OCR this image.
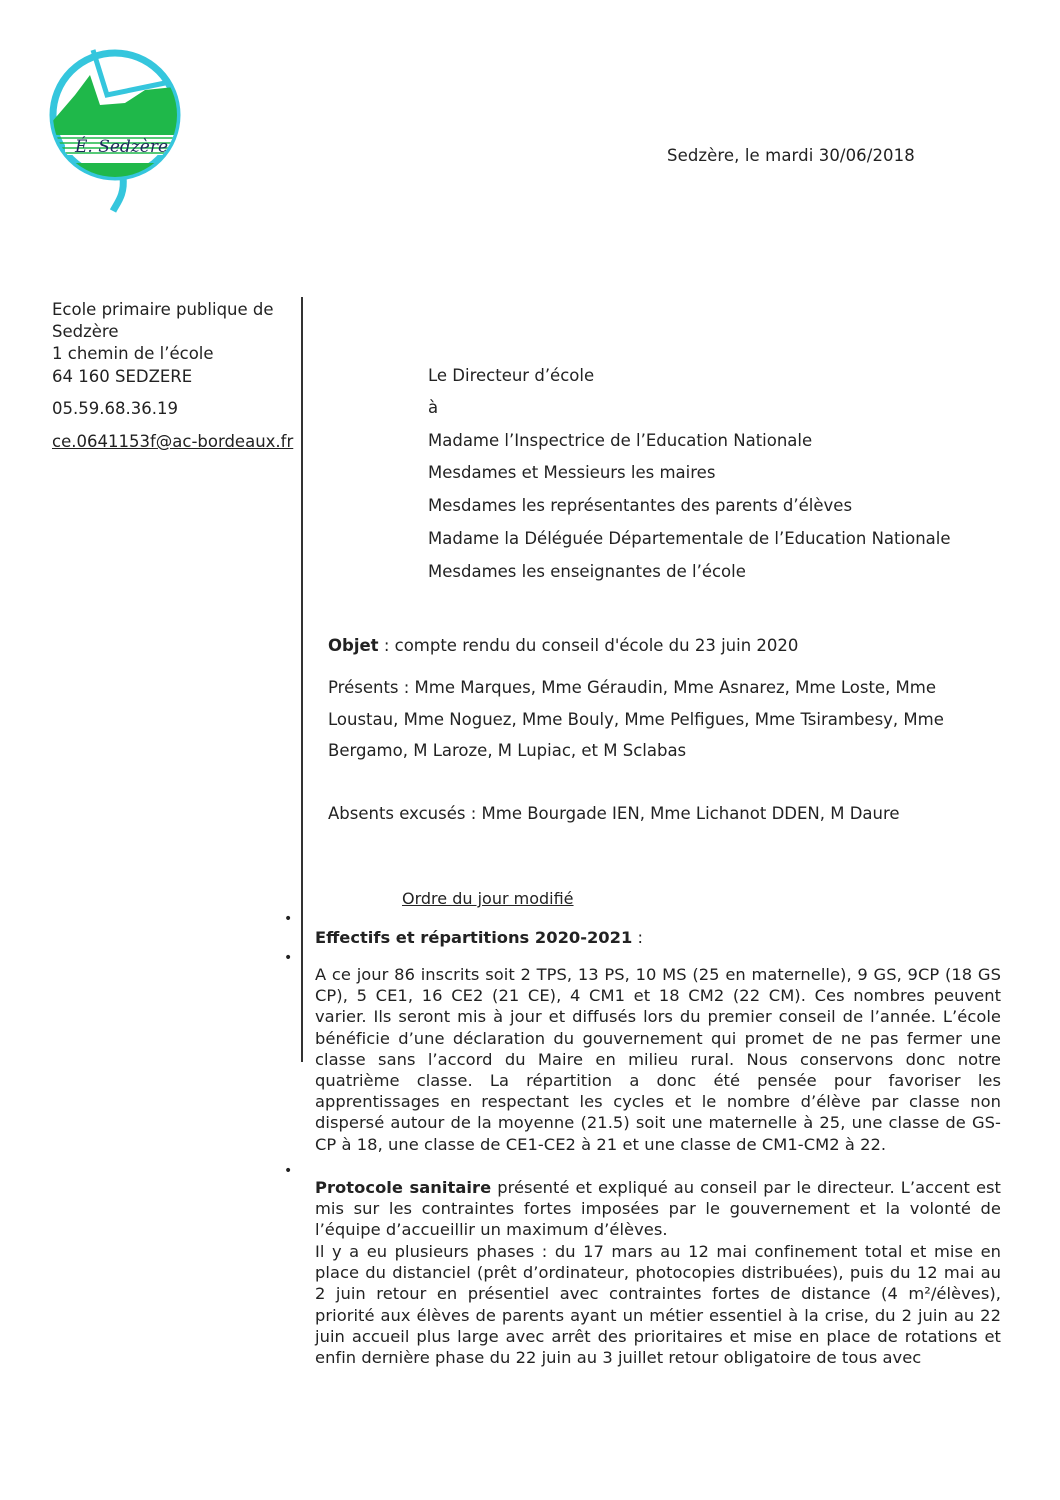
É. Sedzère	Sedzère, le mardi 30/06/2018
Ecole primaire publique de
Sedzère
1 chemin de l’école
64 160 SEDZERE
05.59.68.36.19
ce.0641153f@ac-bordeaux.fr
Le Directeur d’école
à
Madame l’Inspectrice de l’Education Nationale
Mesdames et Messieurs les maires
Mesdames les représentantes des parents d’élèves
Madame la Déléguée Départementale de l’Education Nationale
Mesdames les enseignantes de l’école
Objet : compte rendu du conseil d'école du 23 juin 2020
Présents : Mme Marques, Mme Géraudin, Mme Asnarez, Mme Loste, Mme
Loustau, Mme Noguez, Mme Bouly, Mme Pelfigues, Mme Tsirambesy, Mme
Bergamo, M Laroze, M Lupiac, et M Sclabas
Absents excusés : Mme Bourgade IEN, Mme Lichanot DDEN, M Daure
Ordre du jour modifié
•
•
•
Effectifs et répartitions 2020-2021 :
A ce jour 86 inscrits soit 2 TPS, 13 PS, 10 MS (25 en maternelle), 9 GS, 9CP (18 GS CP), 5 CE1, 16 CE2 (21 CE), 4 CM1 et 18 CM2 (22 CM). Ces nombres peuvent varier. Ils seront mis à jour et diffusés lors du premier conseil de l’année. L’école bénéficie d’une déclaration du gouvernement qui promet de ne pas fermer une classe sans l’accord du Maire en milieu rural. Nous conservons donc notre quatrième classe. La répartition a donc été pensée pour favoriser les apprentissages en respectant les cycles et le nombre d’élève par classe non dispersé autour de la moyenne (21.5) soit une maternelle à 25, une classe de GS-CP à 18, une classe de CE1-CE2 à 21 et une classe de CM1-CM2 à 22.
Protocole sanitaire présenté et expliqué au conseil par le directeur. L’accent est mis sur les contraintes fortes imposées par le gouvernement et la volonté de l’équipe d’accueillir un maximum d’élèves.
Il y a eu plusieurs phases : du 17 mars au 12 mai confinement total et mise en place du distanciel (prêt d’ordinateur, photocopies distribuées), puis du 12 mai au 2 juin retour en présentiel avec contraintes fortes de distance (4 m²/élèves), priorité aux élèves de parents ayant un métier essentiel à la crise, du 2 juin au 22 juin accueil plus large avec arrêt des prioritaires et mise en place de rotations et enfin dernière phase du 22 juin au 3 juillet retour obligatoire de tous avec
